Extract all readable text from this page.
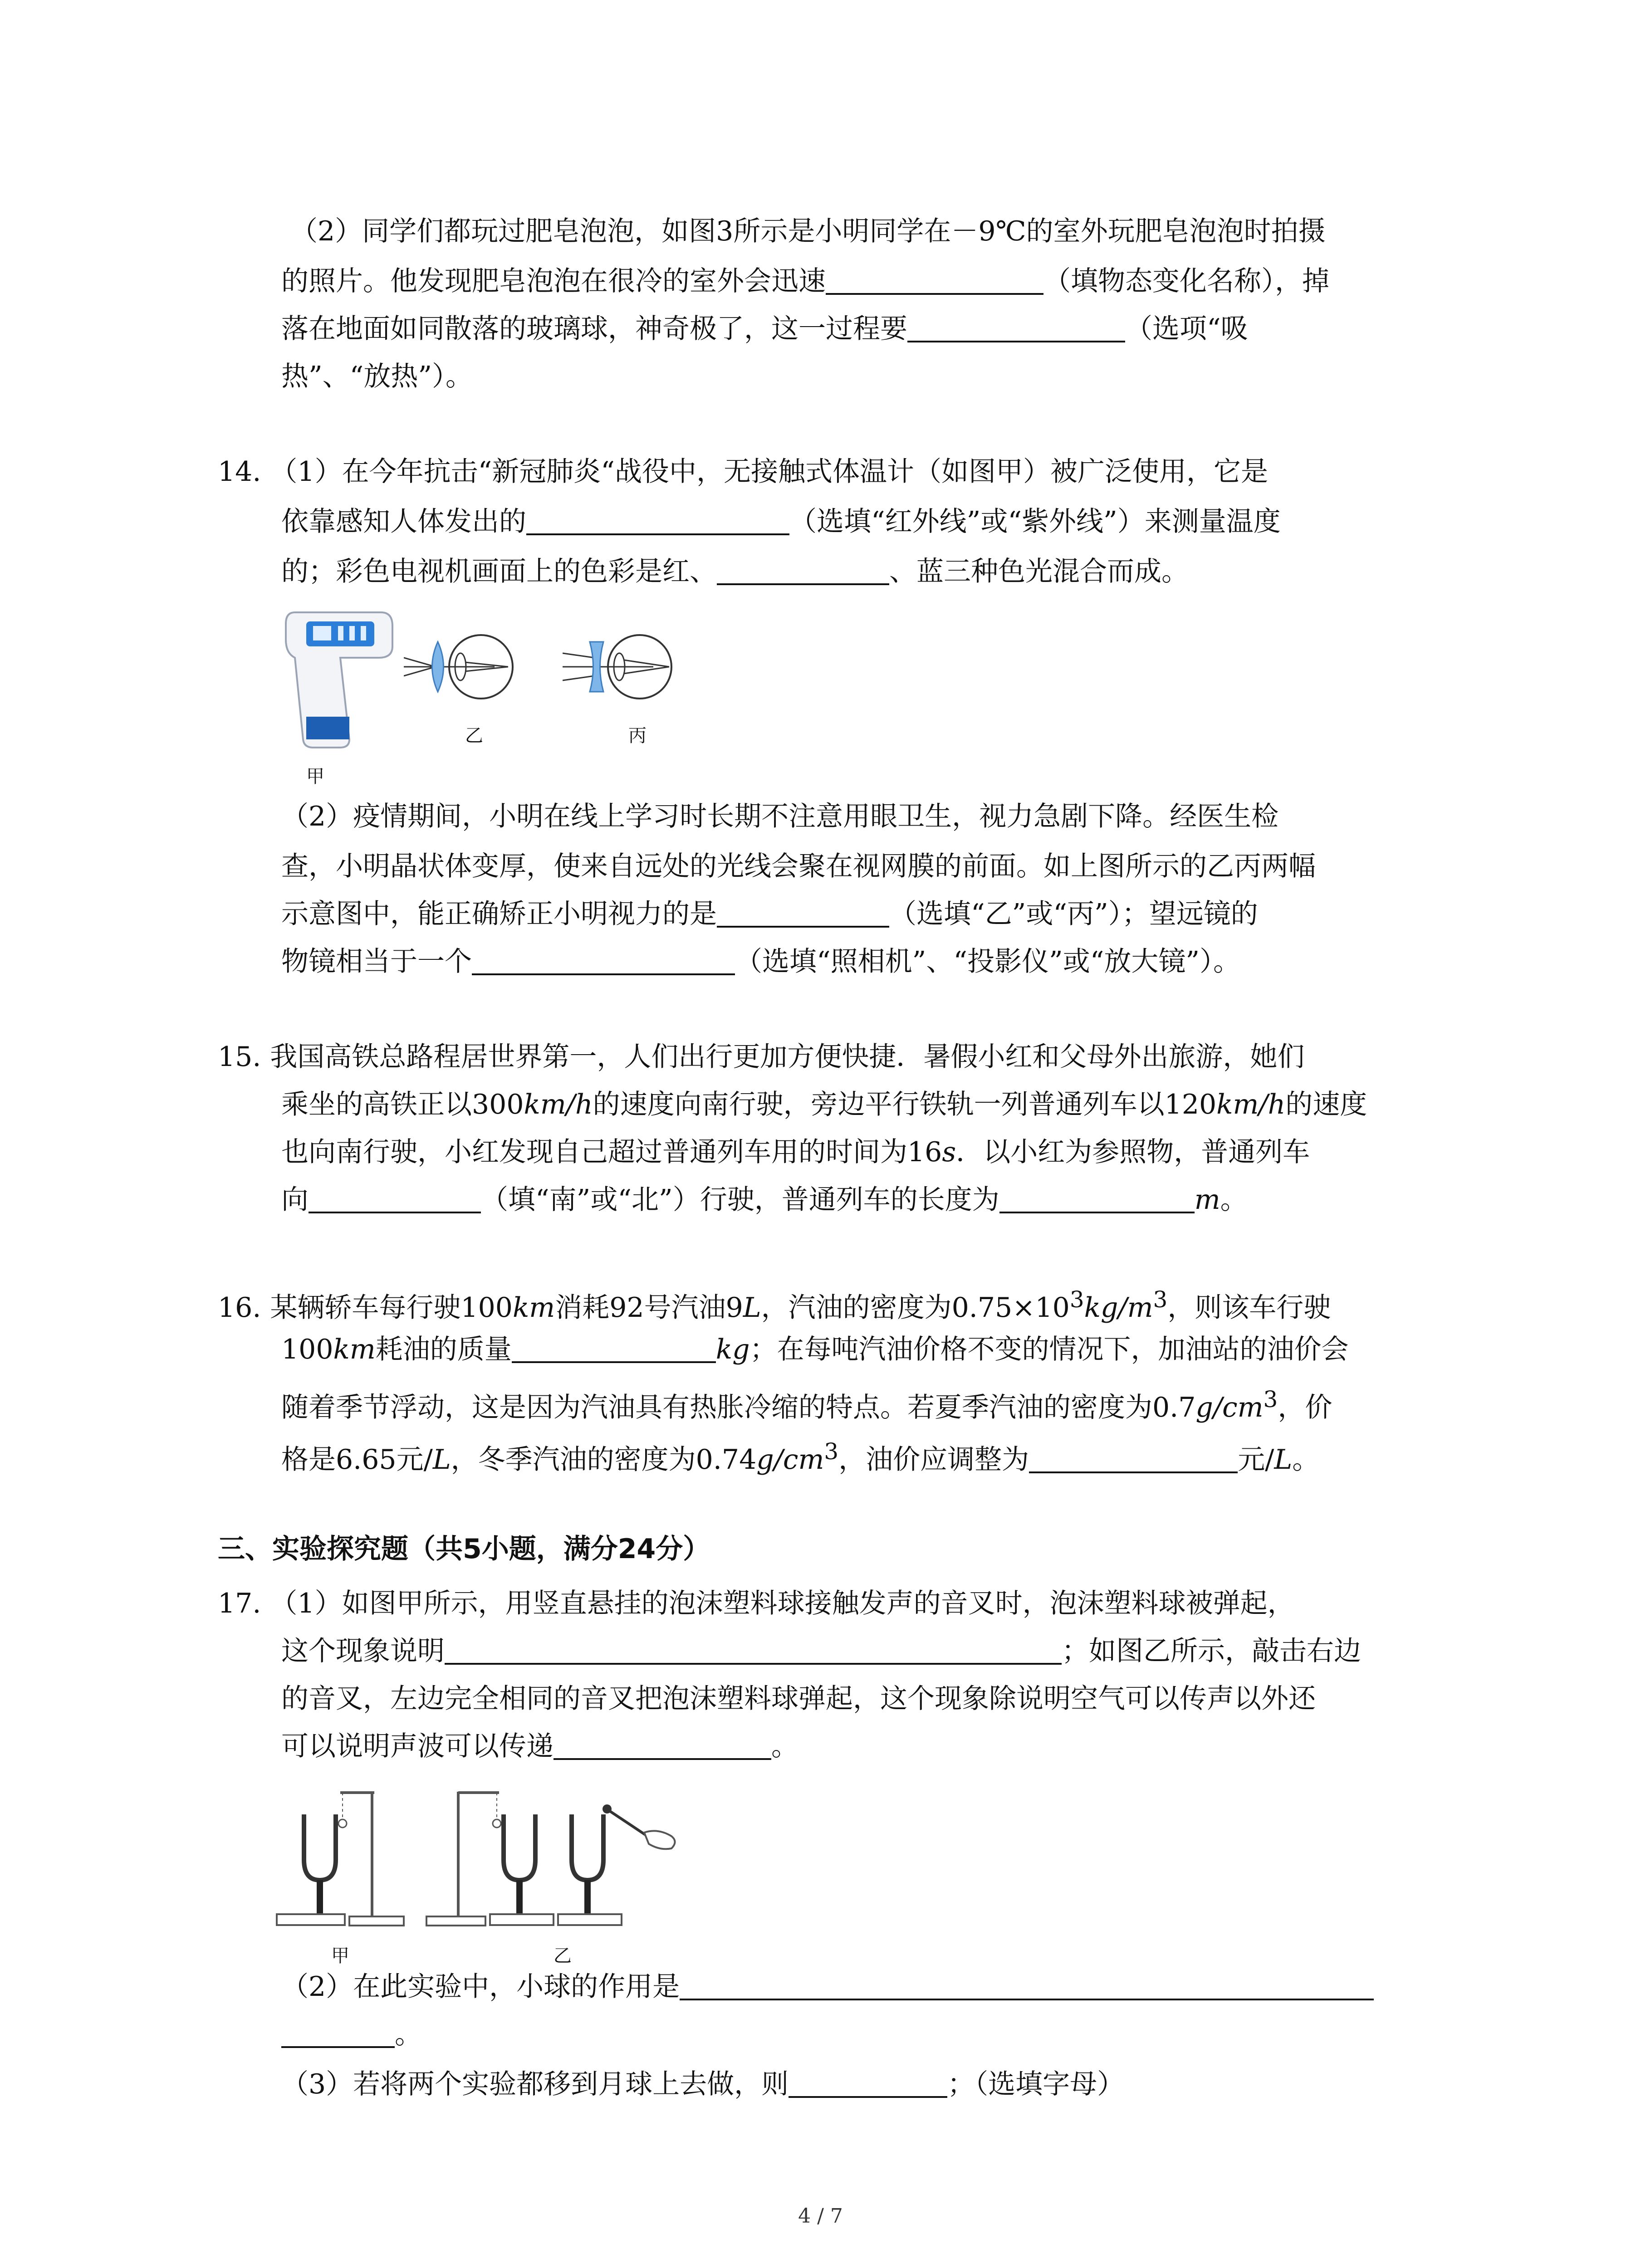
（2）同学们都玩过肥皂泡泡，如图3所示是小明同学在－9℃的室外玩肥皂泡泡时拍摄
的照片。他发现肥皂泡泡在很冷的室外会迅速	（填物态变化名称），掉
落在地面如同散落的玻璃球，神奇极了，这一过程要	（选项“吸
热”、“放热”）。
14. （1）在今年抗击“新冠肺炎“战役中，无接触式体温计（如图甲）被广泛使用，它是
依靠感知人体发出的	（选填“红外线”或“紫外线”）来测量温度
的；彩色电视机画面上的色彩是红、	、蓝三种色光混合而成。
甲
乙	丙
（2）疫情期间，小明在线上学习时长期不注意用眼卫生，视力急剧下降。经医生检
查，小明晶状体变厚，使来自远处的光线会聚在视网膜的前面。如上图所示的乙丙两幅
示意图中，能正确矫正小明视力的是	（选填“乙”或“丙”）；望远镜的
物镜相当于一个	（选填“照相机”、“投影仪”或“放大镜”）。
15. 我国高铁总路程居世界第一，人们出行更加方便快捷．暑假小红和父母外出旅游，她们
乘坐的高铁正以300km/h的速度向南行驶，旁边平行铁轨一列普通列车以120km/h的速度
也向南行驶，小红发现自己超过普通列车用的时间为16s．以小红为参照物，普通列车
向	（填“南”或“北”）行驶，普通列车的长度为	m。
16. 某辆轿车每行驶100km消耗92号汽油9L，汽油的密度为$0.75\times 10^3kg/m^3$，则该车行驶
100km耗油的质量	kg；在每吨汽油价格不变的情况下，加油站的油价会
随着季节浮动，这是因为汽油具有热胀冷缩的特点。若夏季汽油的密度为$0.7g/cm^3$，价
格是6.65元/L，冬季汽油的密度为$0.74g/cm^3$，油价应调整为	元/L。
三、实验探究题（共5小题，满分24分）
17. （1）如图甲所示，用竖直悬挂的泡沫塑料球接触发声的音叉时，泡沫塑料球被弹起，
这个现象说明	；如图乙所示，敲击右边
的音叉，左边完全相同的音叉把泡沫塑料球弹起，这个现象除说明空气可以传声以外还
可以说明声波可以传递	。
甲	乙
（2）在此实验中，小球的作用是
。
（3）若将两个实验都移到月球上去做，则	；（选填字母）
4 / 7
